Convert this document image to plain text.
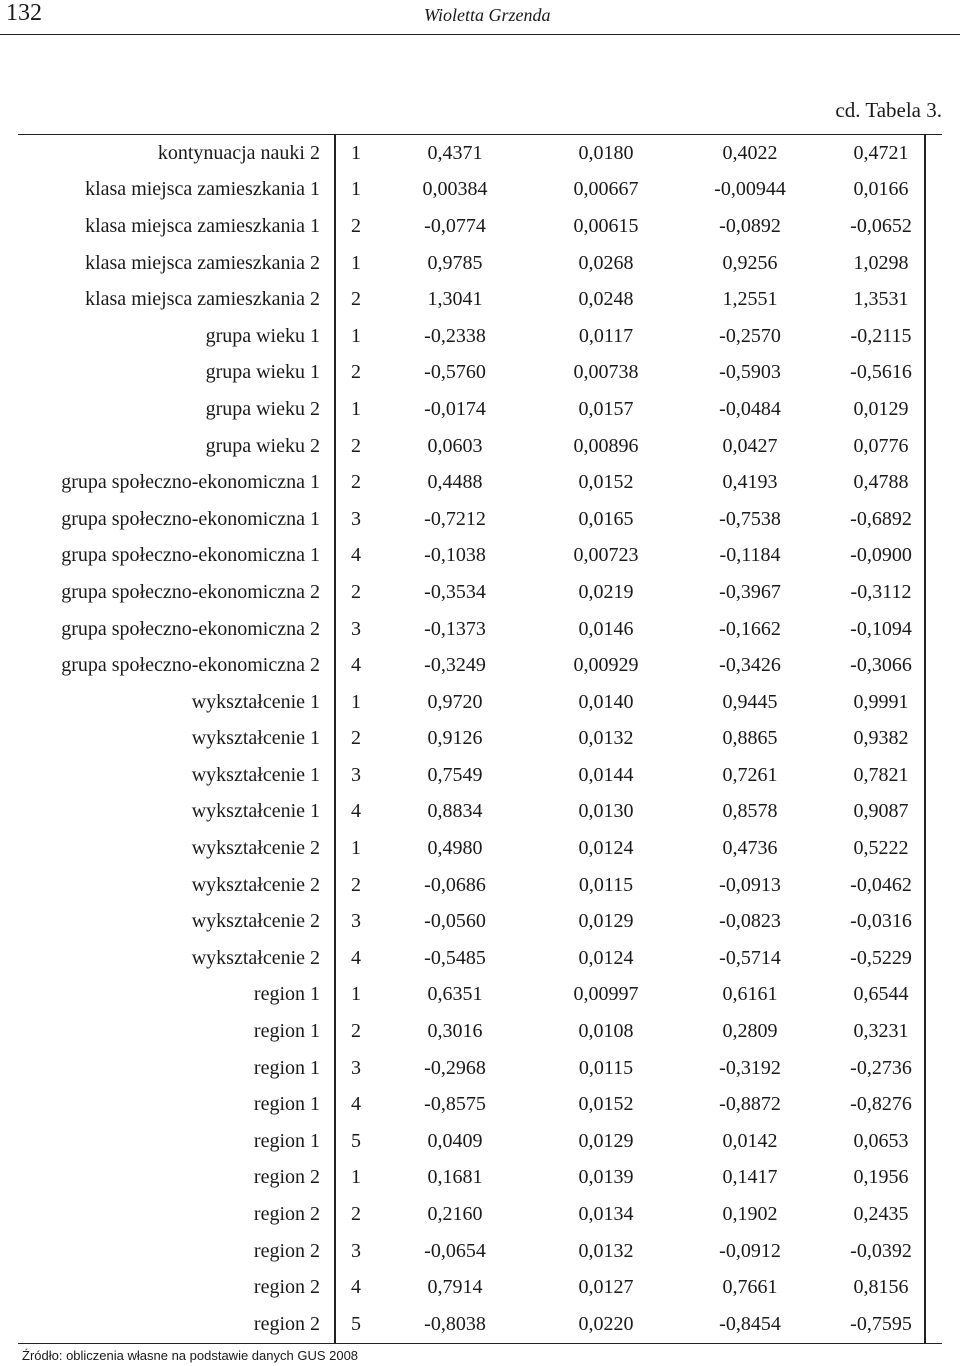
132	Wioletta Grzenda
cd. Tabela 3.
kontynuacja nauki 2	1	0,4371	0,0180	0,4022	0,4721	
klasa miejsca zamieszkania 1	1	0,00384	0,00667	-0,00944	0,0166	
klasa miejsca zamieszkania 1	2	-0,0774	0,00615	-0,0892	-0,0652	
klasa miejsca zamieszkania 2	1	0,9785	0,0268	0,9256	1,0298	
klasa miejsca zamieszkania 2	2	1,3041	0,0248	1,2551	1,3531	
grupa wieku 1	1	-0,2338	0,0117	-0,2570	-0,2115	
grupa wieku 1	2	-0,5760	0,00738	-0,5903	-0,5616	
grupa wieku 2	1	-0,0174	0,0157	-0,0484	0,0129	
grupa wieku 2	2	0,0603	0,00896	0,0427	0,0776	
grupa społeczno-ekonomiczna 1	2	0,4488	0,0152	0,4193	0,4788	
grupa społeczno-ekonomiczna 1	3	-0,7212	0,0165	-0,7538	-0,6892	
grupa społeczno-ekonomiczna 1	4	-0,1038	0,00723	-0,1184	-0,0900	
grupa społeczno-ekonomiczna 2	2	-0,3534	0,0219	-0,3967	-0,3112	
grupa społeczno-ekonomiczna 2	3	-0,1373	0,0146	-0,1662	-0,1094	
grupa społeczno-ekonomiczna 2	4	-0,3249	0,00929	-0,3426	-0,3066	
wykształcenie 1	1	0,9720	0,0140	0,9445	0,9991	
wykształcenie 1	2	0,9126	0,0132	0,8865	0,9382	
wykształcenie 1	3	0,7549	0,0144	0,7261	0,7821	
wykształcenie 1	4	0,8834	0,0130	0,8578	0,9087	
wykształcenie 2	1	0,4980	0,0124	0,4736	0,5222	
wykształcenie 2	2	-0,0686	0,0115	-0,0913	-0,0462	
wykształcenie 2	3	-0,0560	0,0129	-0,0823	-0,0316	
wykształcenie 2	4	-0,5485	0,0124	-0,5714	-0,5229	
region 1	1	0,6351	0,00997	0,6161	0,6544	
region 1	2	0,3016	0,0108	0,2809	0,3231	
region 1	3	-0,2968	0,0115	-0,3192	-0,2736	
region 1	4	-0,8575	0,0152	-0,8872	-0,8276	
region 1	5	0,0409	0,0129	0,0142	0,0653	
region 2	1	0,1681	0,0139	0,1417	0,1956	
region 2	2	0,2160	0,0134	0,1902	0,2435	
region 2	3	-0,0654	0,0132	-0,0912	-0,0392	
region 2	4	0,7914	0,0127	0,7661	0,8156	
region 2	5	-0,8038	0,0220	-0,8454	-0,7595	
Źródło: obliczenia własne na podstawie danych GUS 2008
